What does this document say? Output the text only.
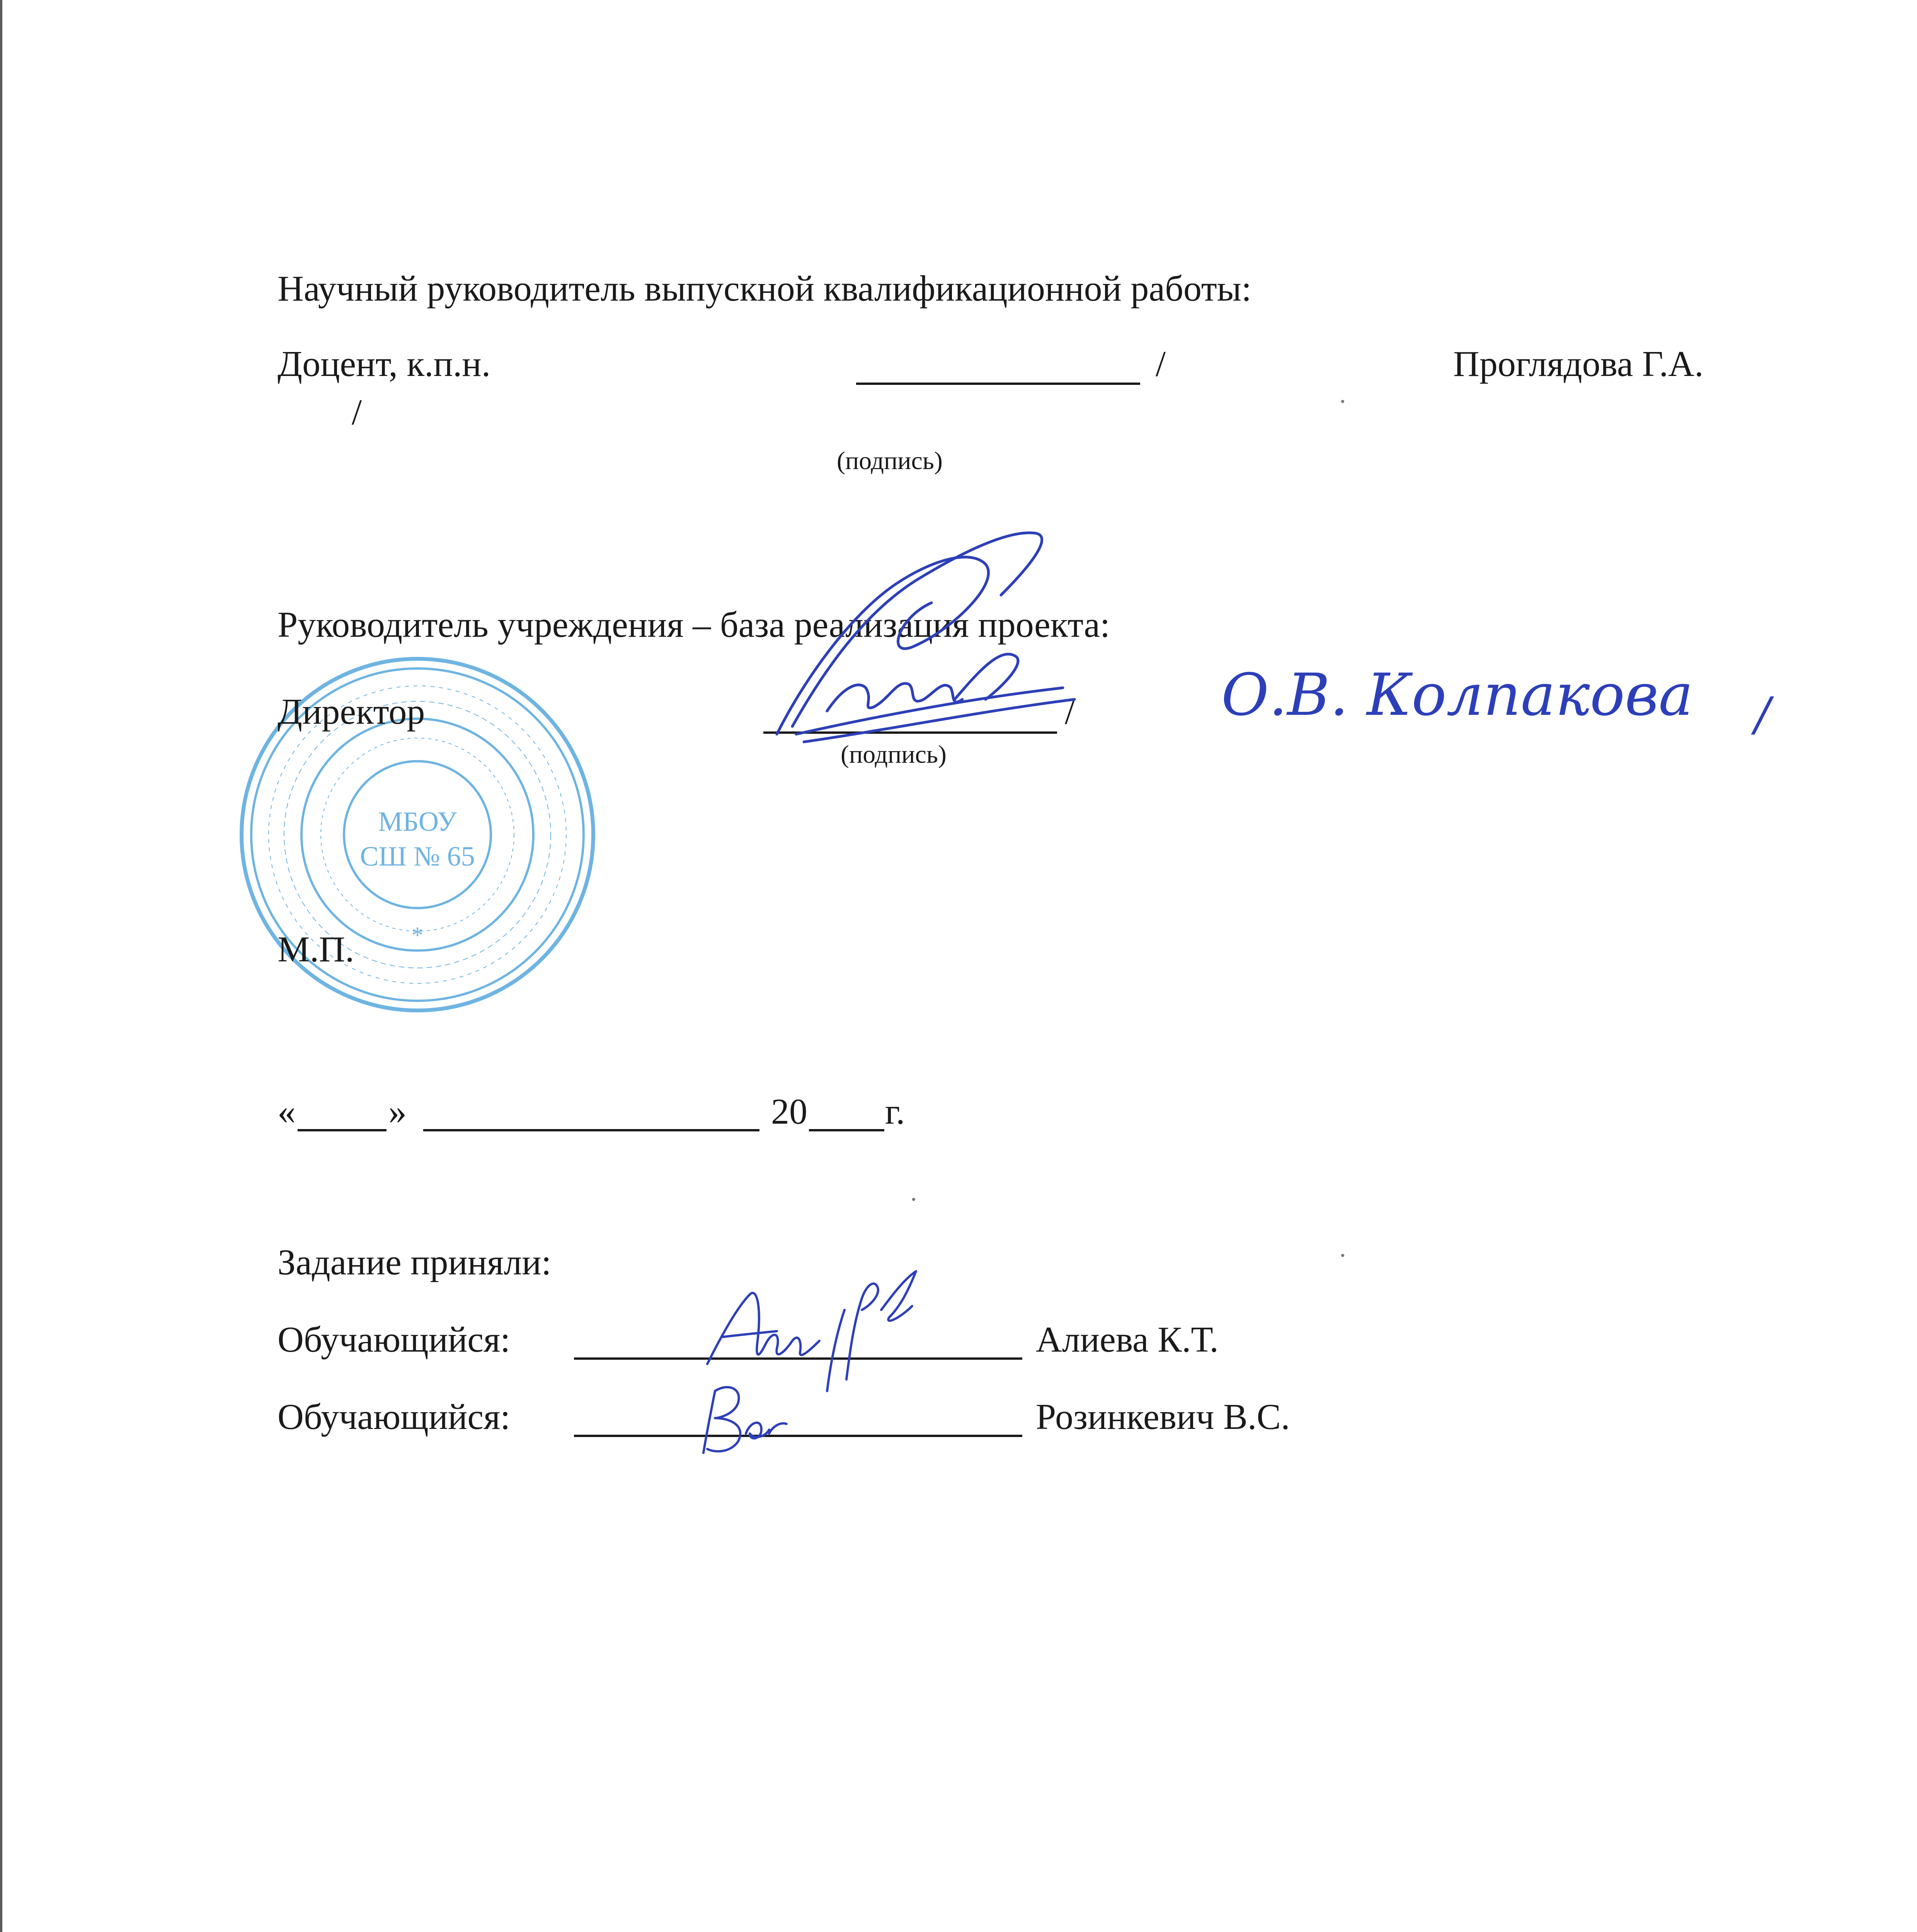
Научный руководитель выпускной квалификационной работы:
Доцент, к.п.н.	/	Проглядова Г.А.
/
(подпись)
МБОУ
СШ № 65
*
Руководитель учреждения – база реализация проекта:
Директор	/
(подпись)
О.В. Колпакова /
М.П.
«	»	20 г.
Задание приняли:
Обучающийся:	Алиева К.Т.
Обучающийся:	Розинкевич В.С.
